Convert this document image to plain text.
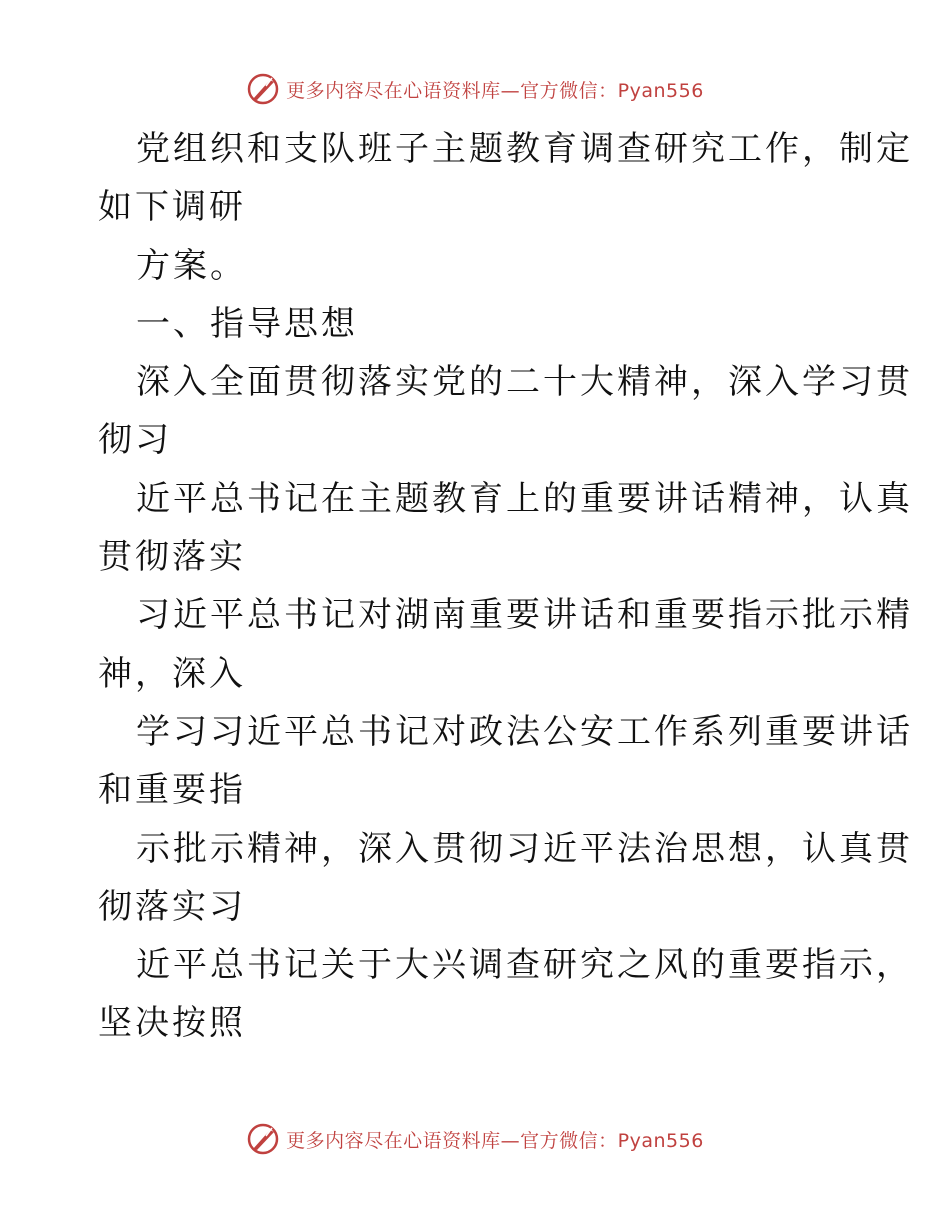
更多内容尽在心语资料库—官方微信：Pyan556
党组织和支队班子主题教育调查研究工作，制定
如下调研
方案。
一、指导思想
深入全面贯彻落实党的二十大精神，深入学习贯
彻习
近平总书记在主题教育上的重要讲话精神，认真
贯彻落实
习近平总书记对湖南重要讲话和重要指示批示精
神，深入
学习习近平总书记对政法公安工作系列重要讲话
和重要指
示批示精神，深入贯彻习近平法治思想，认真贯
彻落实习
近平总书记关于大兴调查研究之风的重要指示，
坚决按照
更多内容尽在心语资料库—官方微信：Pyan556
